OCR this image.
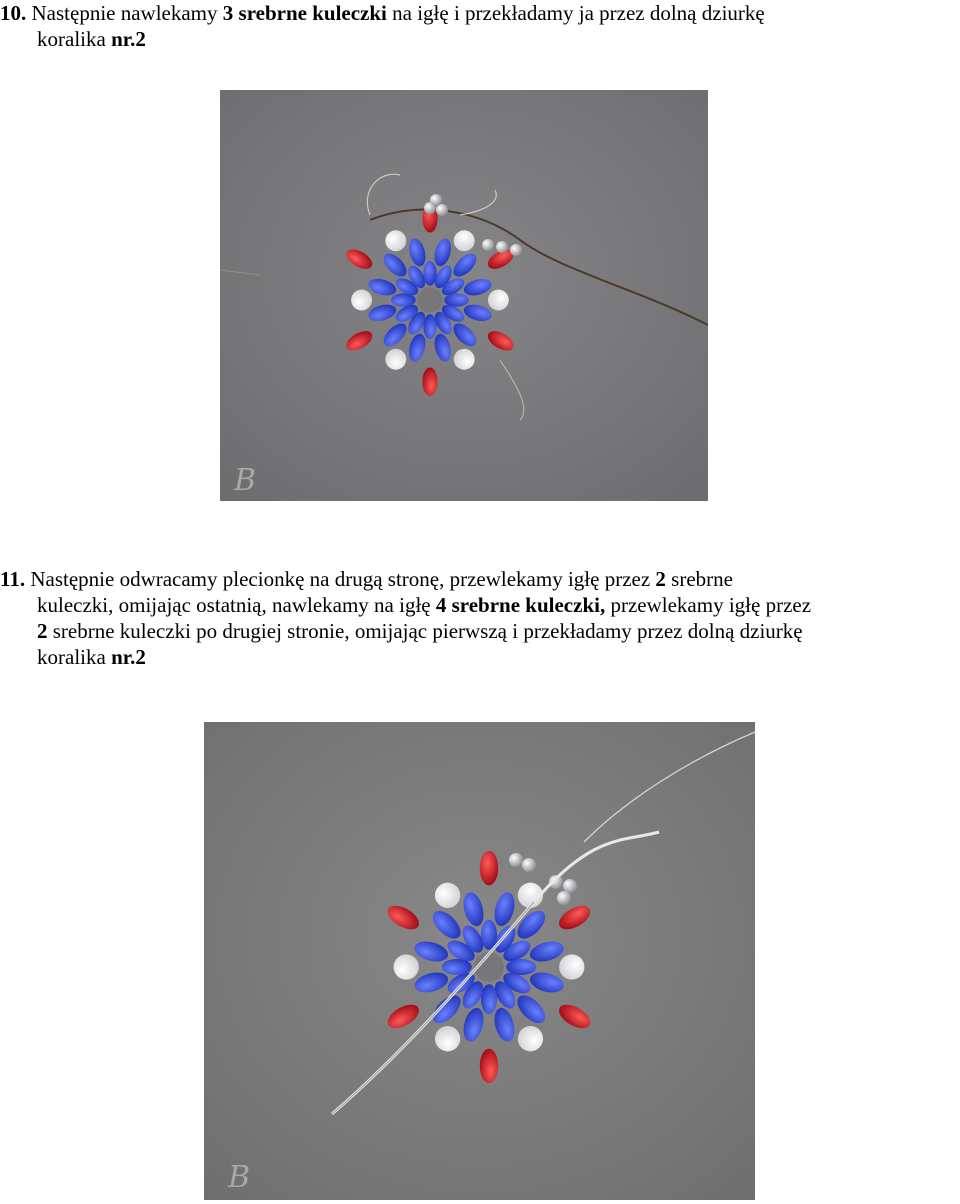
10. Następnie nawlekamy 3 srebrne kuleczki na igłę i przekładamy ja przez dolną dziurkę
koralika nr.2
B
11. Następnie odwracamy plecionkę na drugą stronę, przewlekamy igłę przez 2 srebrne
kuleczki, omijając ostatnią, nawlekamy na igłę 4 srebrne kuleczki, przewlekamy igłę przez
2 srebrne kuleczki po drugiej stronie, omijając pierwszą i przekładamy przez dolną dziurkę
koralika nr.2
B
